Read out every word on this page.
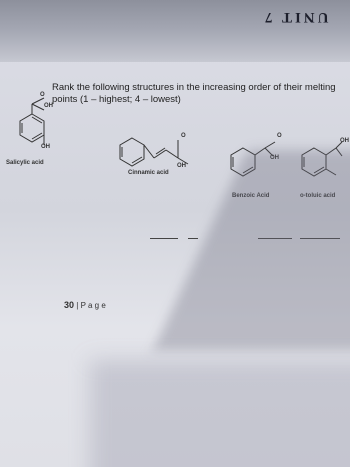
UNIT 7
Rank the following structures in the increasing order of their melting points (1 – highest; 4 – lowest)
O
OH
OH
Salicylic acid
O
OH
Cinnamic acid
O
OH
Benzoic Acid
OH
o-toluic acid
30 | P a g e
